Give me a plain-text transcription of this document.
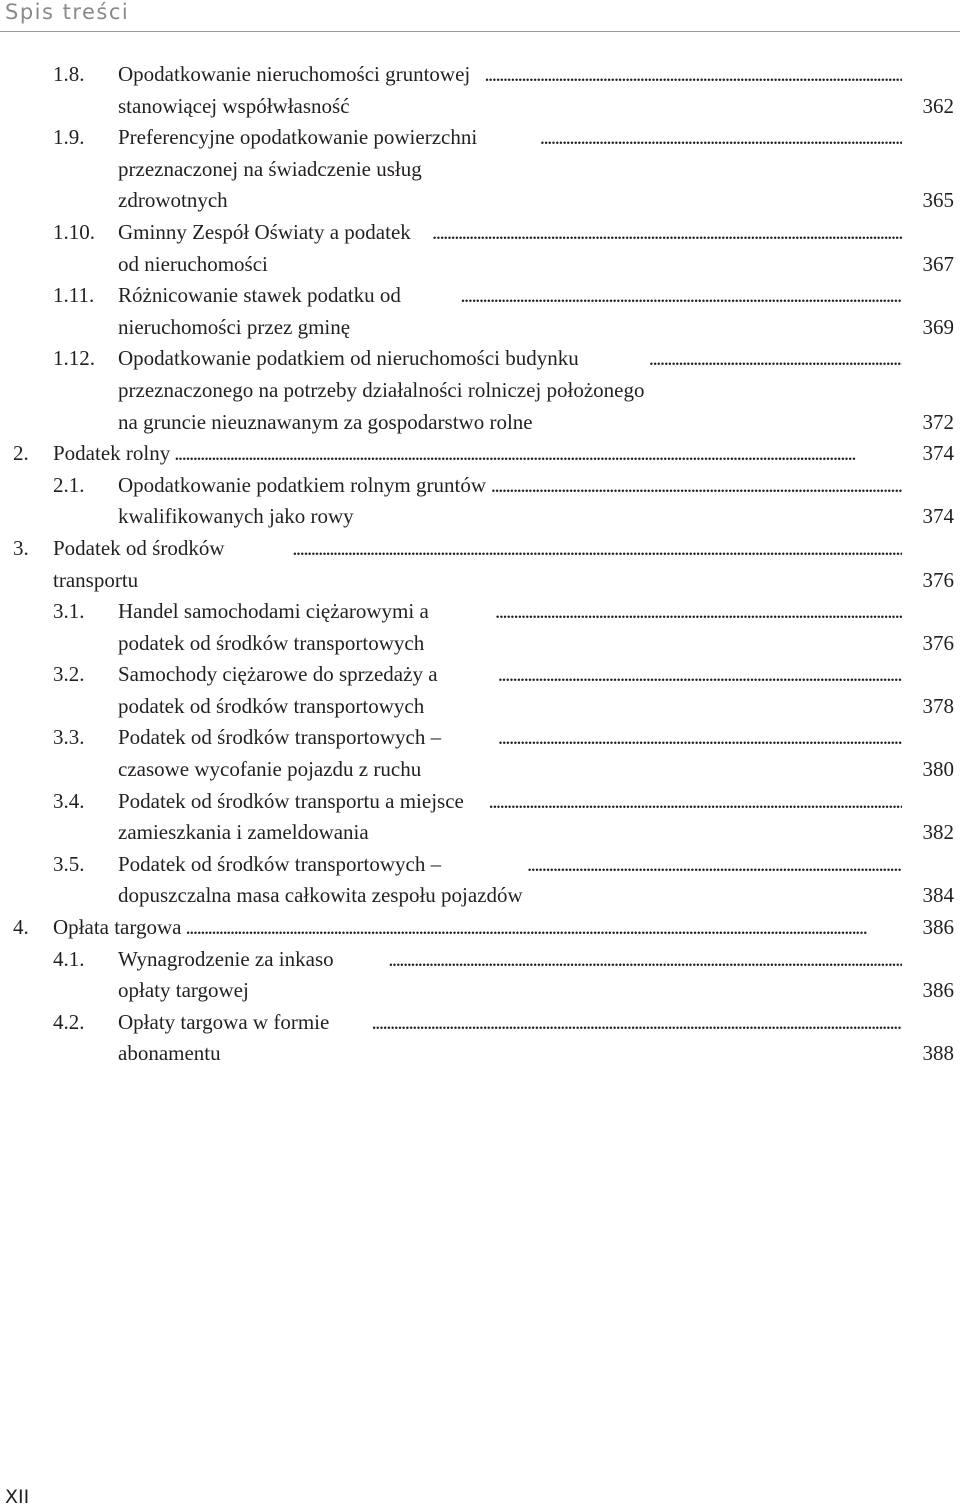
Spis treści
1.8. Opodatkowanie nieruchomości gruntowej stanowiącej współwłasność
. . .	362
1.9. Preferencyjne opodatkowanie powierzchni przeznaczonej na świadczenie usług zdrowotnych
. . .	365
1.10. Gminny Zespół Oświaty a podatek od nieruchomości
. . .	367
1.11. Różnicowanie stawek podatku od nieruchomości przez gminę
. . .	369
1.12. Opodatkowanie podatkiem od nieruchomości budynku przeznaczonego na potrzeby działalności rolniczej położonego na gruncie nieuznawanym za gospodarstwo rolne
. . .	372
2. Podatek rolny . . .	374
2.1. Opodatkowanie podatkiem rolnym gruntów kwalifikowanych jako rowy
. . .	374
3. Podatek od środków transportu
. . .	376
3.1. Handel samochodami ciężarowymi a podatek od środków transportowych
. . .	376
3.2. Samochody ciężarowe do sprzedaży a podatek od środków transportowych
. . .	378
3.3. Podatek od środków transportowych – czasowe wycofanie pojazdu z ruchu
. . .	380
3.4. Podatek od środków transportu a miejsce zamieszkania i zameldowania
. . .	382
3.5. Podatek od środków transportowych – dopuszczalna masa całkowita zespołu pojazdów
. . .	384
4. Opłata targowa . . .	386
4.1. Wynagrodzenie za inkaso opłaty targowej
. . .	386
4.2. Opłaty targowa w formie abonamentu
. . .	388
XII
